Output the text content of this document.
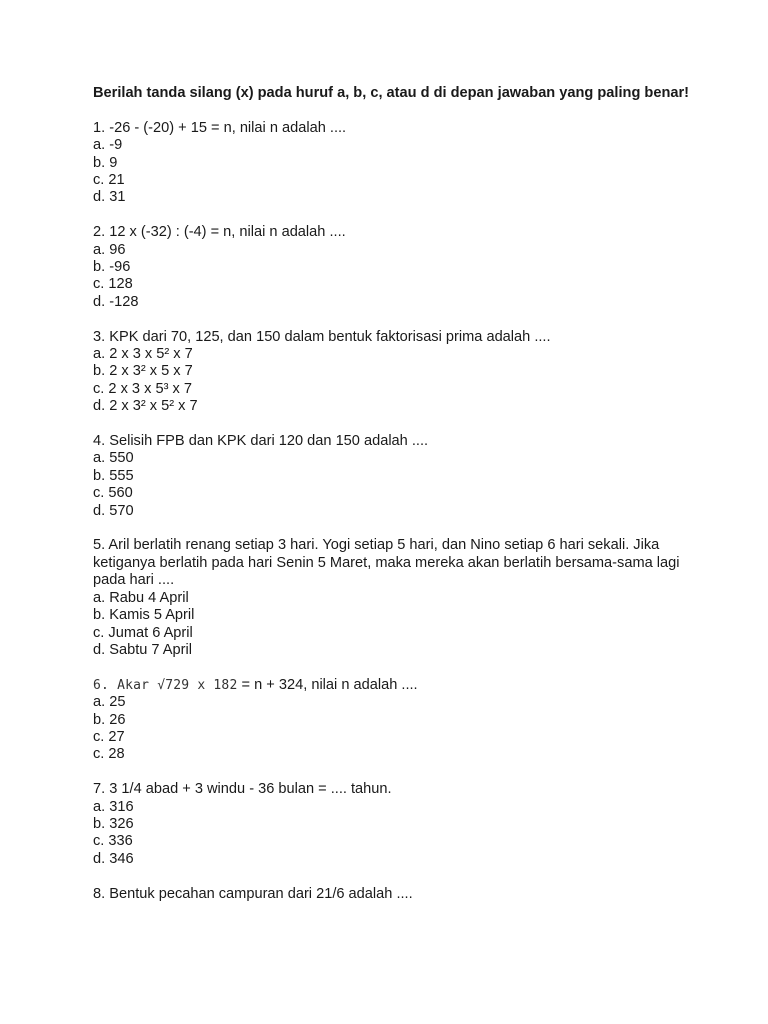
Berilah tanda silang (x) pada huruf a, b, c, atau d di depan jawaban yang paling benar!
1. -26 - (-20) + 15 = n, nilai n adalah ....
a. -9
b. 9
c. 21
d. 31
2. 12 x (-32) : (-4) = n, nilai n adalah ....
a. 96
b. -96
c. 128
d. -128
3. KPK dari 70, 125, dan 150 dalam bentuk faktorisasi prima adalah ....
a. 2 x 3 x 5² x 7
b. 2 x 3² x 5 x 7
c. 2 x 3 x 5³ x 7
d. 2 x 3² x 5² x 7
4. Selisih FPB dan KPK dari 120 dan 150 adalah ....
a. 550
b. 555
c. 560
d. 570
5. Aril berlatih renang setiap 3 hari. Yogi setiap 5 hari, dan Nino setiap 6 hari sekali. Jika ketiganya berlatih pada hari Senin 5 Maret, maka mereka akan berlatih bersama-sama lagi pada hari ....
a. Rabu 4 April
b. Kamis 5 April
c. Jumat 6 April
d. Sabtu 7 April
6. Akar √729 x 182 = n + 324, nilai n adalah ....
a. 25
b. 26
c. 27
c. 28
7. 3 1/4 abad + 3 windu - 36 bulan = .... tahun.
a. 316
b. 326
c. 336
d. 346
8. Bentuk pecahan campuran dari 21/6 adalah ....
